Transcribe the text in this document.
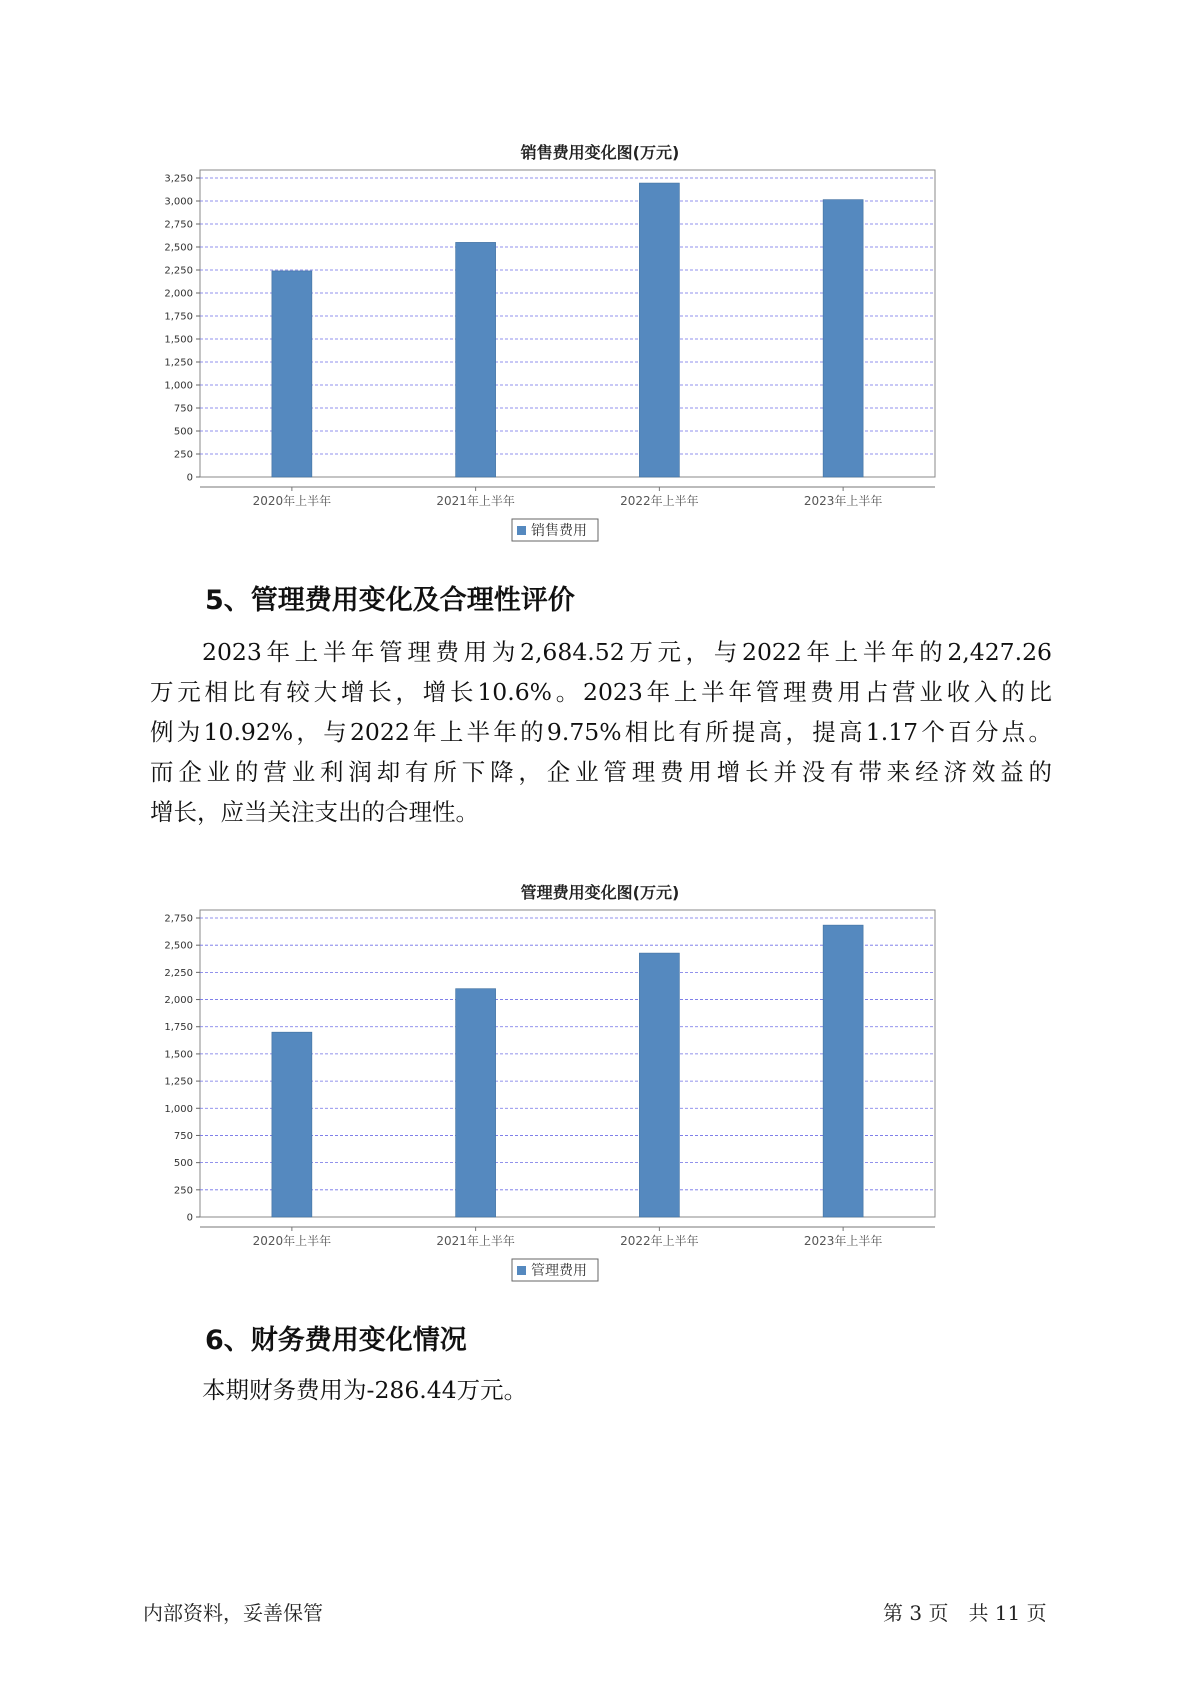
销售费用变化图(万元)
0
250
500
750
1,000
1,250
1,500
1,750
2,000
2,250
2,500
2,750
3,000
3,250
2020年上半年	2021年上半年	2022年上半年	2023年上半年
销售费用
5、管理费用变化及合理性评价
2023年上半年管理费用为2,684.52万元，与2022年上半年的2,427.26
万元相比有较大增长，增长10.6%。2023年上半年管理费用占营业收入的比
例为10.92%，与2022年上半年的9.75%相比有所提高，提高1.17个百分点。
而企业的营业利润却有所下降，企业管理费用增长并没有带来经济效益的
增长，应当关注支出的合理性。
管理费用变化图(万元)
0
250
500
750
1,000
1,250
1,500
1,750
2,000
2,250
2,500
2,750
2020年上半年	2021年上半年	2022年上半年	2023年上半年
管理费用
6、财务费用变化情况
本期财务费用为-286.44万元。
内部资料，妥善保管	第 3 页　共 11 页
